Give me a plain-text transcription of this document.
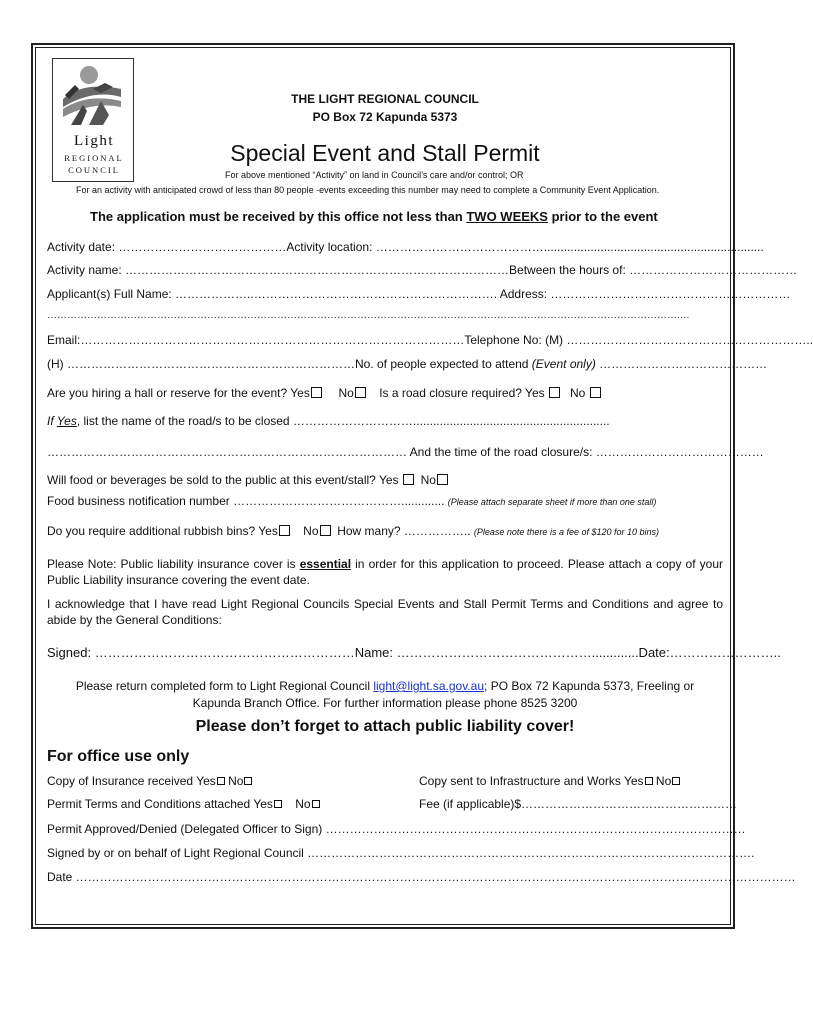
Light
REGIONAL
COUNCIL
THE LIGHT REGIONAL COUNCIL
PO Box 72 Kapunda 5373
Special Event and Stall Permit
For above mentioned “Activity” on land in Council’s care and/or control; OR
For an activity with anticipated crowd of less than 80 people -events exceeding this number may need to complete a Community Event Application.
The application must be received by this office not less than TWO WEEKS prior to the event
Activity date: ……………………………………Activity location: ……………………………………..................................................................
Activity name: ……………………………………………………………………………………Between the hours of: ……………………………………
Applicant(s) Full Name: ………………..……………………………………………………. Address: ……………………………………………………
……………………………………………………………………………………………………………………………………………………………………….…
Email:……………………………………………………………………………………Telephone No: (M) ……………………………………………………..
(H) ………………………………………………………………No. of people expected to attend (Event only) ……………………………………
Are you hiring a hall or reserve for the event? Yes No Is a road closure required? Yes No
If Yes, list the name of the road/s to be closed …………………………...........................................................
……………………………………………………………………………… And the time of the road closure/s: ……………………………………
Will food or beverages be sold to the public at this event/stall? Yes No
Food business notification number ……………………………………............. (Please attach separate sheet if more than one stall)
Do you require additional rubbish bins? Yes No How many? …………….. (Please note there is a fee of $120 for 10 bins)
Please Note: Public liability insurance cover is essential in order for this application to proceed. Please attach a copy of your Public Liability insurance covering the event date.
I acknowledge that I have read Light Regional Councils Special Events and Stall Permit Terms and Conditions and agree to abide by the General Conditions:
Signed: ……………………………………………………Name: ……………………………………….............Date:……………………..
Please return completed form to Light Regional Council light@light.sa.gov.au; PO Box 72 Kapunda 5373, Freeling or
Kapunda Branch Office. For further information please phone 8525 3200
Please don’t forget to attach public liability cover!
For office use only
Copy of Insurance received Yes No	Copy sent to Infrastructure and Works Yes No
Permit Terms and Conditions attached Yes No	Fee (if applicable)$………………………………………………
Permit Approved/Denied (Delegated Officer to Sign) ……………………………………………………………………………………………
Signed by or on behalf of Light Regional Council ………………………………………………………………………………………………….
Date ………………………………………………………………………………………………………………………………………………………………
